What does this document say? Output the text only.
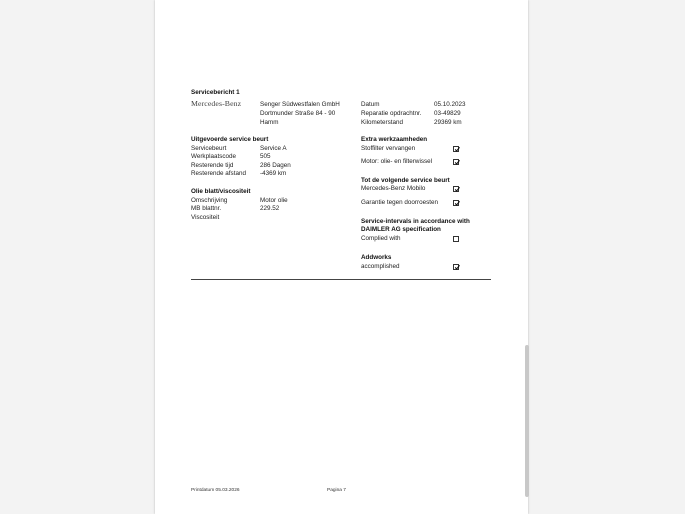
Servicebericht 1
Mercedes-Benz	Senger Südwestfalen GmbH
Dortmunder Straße 84 - 90
Hamm
Datum	05.10.2023
Reparatie opdrachtnr. 03-49829
Kilometerstand	29369 km
Uitgevoerde service beurt
Servicebeurt	Service A
Werkplaatscode	505
Resterende tijd	286 Dagen
Resterende afstand -4369 km
Olie blatt/viscositeit
Omschrijving	Motor olie
MB blattnr.	229.52
Viscositeit
Extra werkzaamheden
Stoffilter vervangen
Motor: olie- en filterwissel
Tot de volgende service beurt
Mercedes-Benz Mobilo
Garantie tegen doorroesten
Service-intervals in accordance with
DAIMLER AG specification
Complied with
Addworks
accomplished
Printdatum 05.03.2026	Pagina 7
